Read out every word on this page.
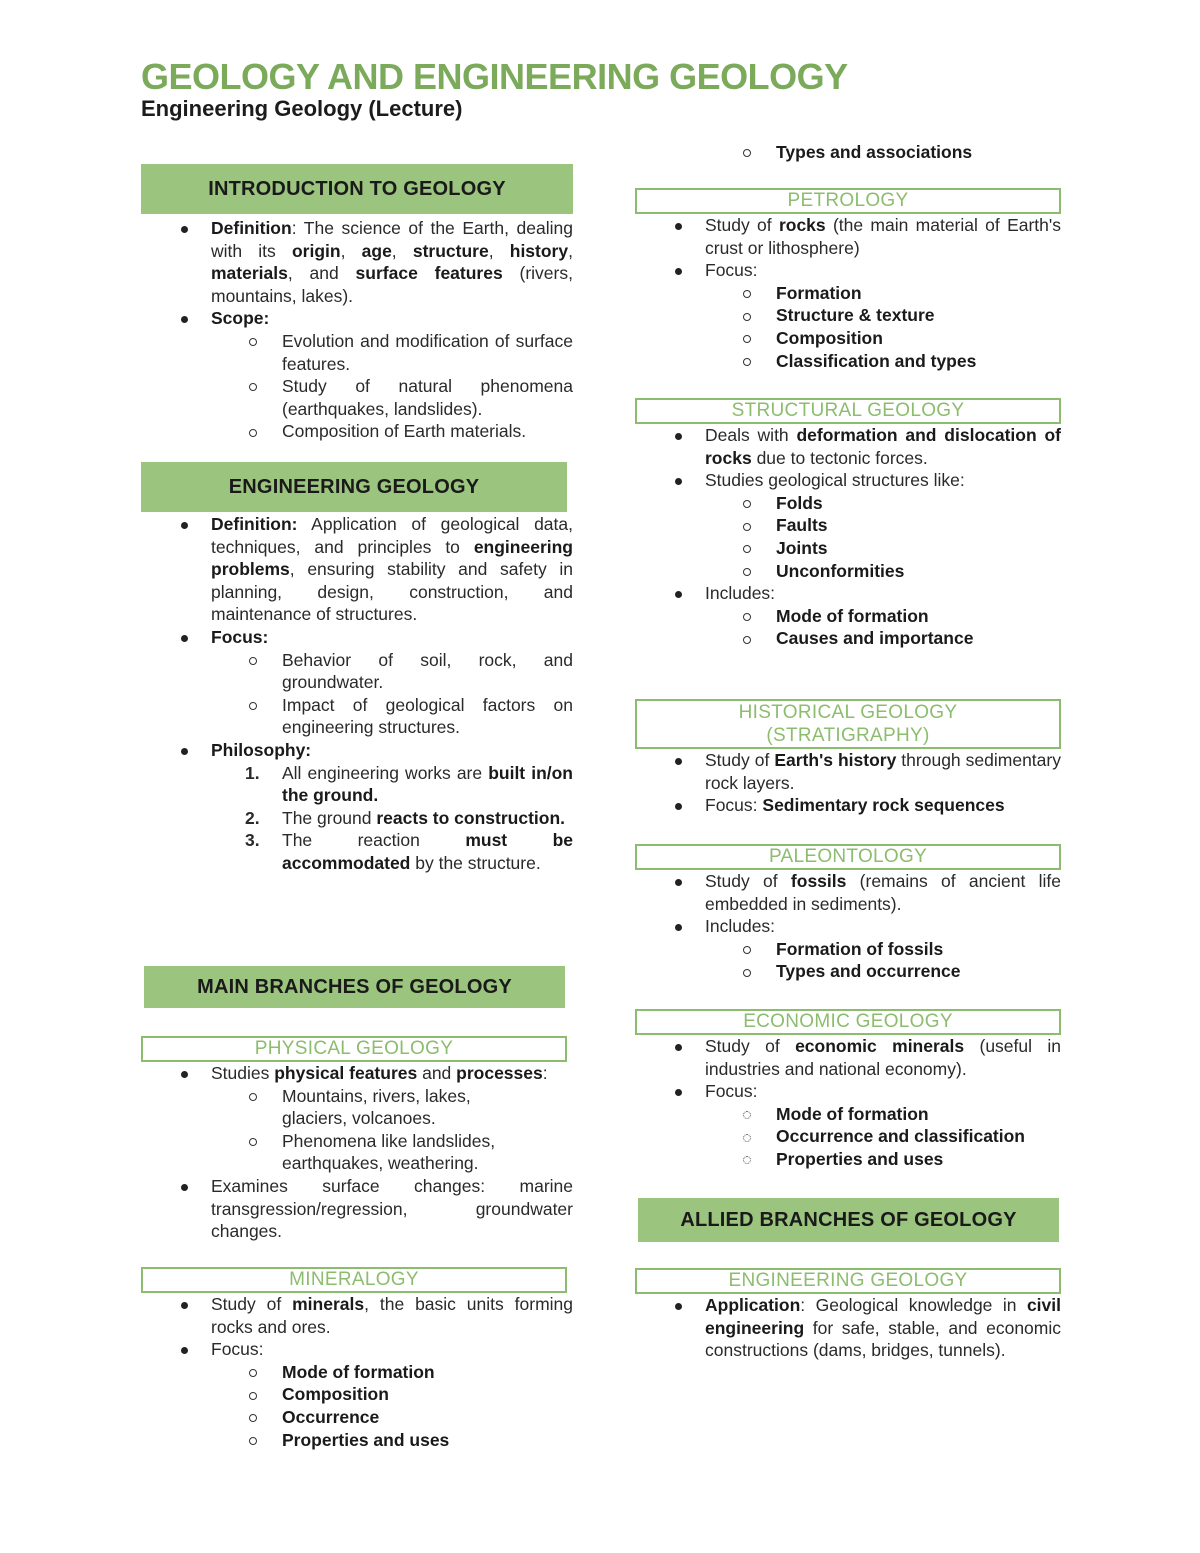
GEOLOGY AND ENGINEERING GEOLOGY
Engineering Geology (Lecture)
INTRODUCTION TO GEOLOGY
Definition: The science of the Earth, dealing with its origin, age, structure, history, materials, and surface features (rivers, mountains, lakes).
Scope:
Evolution and modification of surface features.
Study of natural phenomena (earthquakes, landslides).
Composition of Earth materials.
ENGINEERING GEOLOGY
Definition: Application of geological data, techniques, and principles to engineering problems, ensuring stability and safety in planning, design, construction, and maintenance of structures.
Focus:
Behavior of soil, rock, and groundwater.
Impact of geological factors on engineering structures.
Philosophy:
1. All engineering works are built in/on the ground.
2. The ground reacts to construction.
3. The reaction must be accommodated by the structure.
MAIN BRANCHES OF GEOLOGY
PHYSICAL GEOLOGY
Studies physical features and processes:
Mountains, rivers, lakes, glaciers, volcanoes.
Phenomena like landslides, earthquakes, weathering.
Examines surface changes: marine transgression/regression, groundwater changes.
MINERALOGY
Study of minerals, the basic units forming rocks and ores.
Focus:
Mode of formation
Composition
Occurrence
Properties and uses
Types and associations
PETROLOGY
Study of rocks (the main material of Earth's crust or lithosphere)
Focus:
Formation
Structure & texture
Composition
Classification and types
STRUCTURAL GEOLOGY
Deals with deformation and dislocation of rocks due to tectonic forces.
Studies geological structures like:
Folds
Faults
Joints
Unconformities
Includes:
Mode of formation
Causes and importance
HISTORICAL GEOLOGY
(STRATIGRAPHY)
Study of Earth's history through sedimentary rock layers.
Focus: Sedimentary rock sequences
PALEONTOLOGY
Study of fossils (remains of ancient life embedded in sediments).
Includes:
Formation of fossils
Types and occurrence
ECONOMIC GEOLOGY
Study of economic minerals (useful in industries and national economy).
Focus:
Mode of formation
Occurrence and classification
Properties and uses
ALLIED BRANCHES OF GEOLOGY
ENGINEERING GEOLOGY
Application: Geological knowledge in civil engineering for safe, stable, and economic constructions (dams, bridges, tunnels).
